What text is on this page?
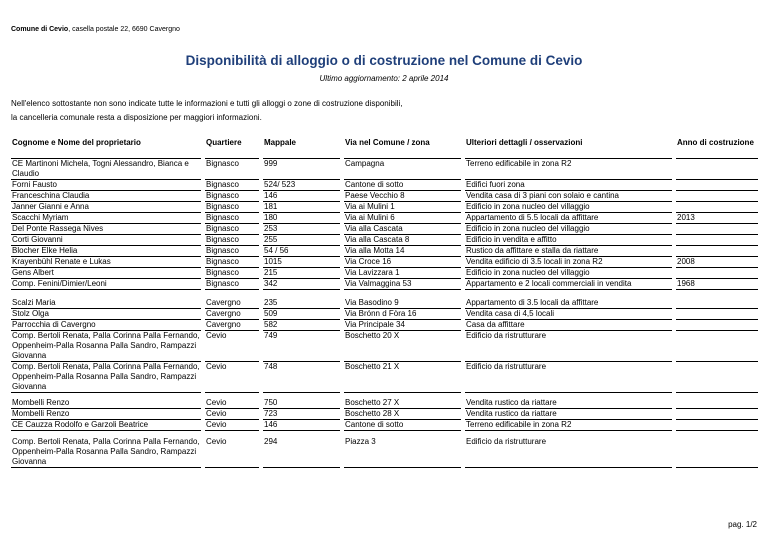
Comune di Cevio, casella postale 22, 6690 Cavergno
Disponibilità di alloggio o di costruzione nel Comune di Cevio
Ultimo aggiornamento: 2 aprile 2014
Nell'elenco sottostante non sono indicate tutte le informazioni e tutti gli alloggi o zone di costruzione disponibili,
la cancelleria comunale resta a disposizione per maggiori informazioni.
Cognome e Nome del proprietario		Quartiere		Mappale		Via nel Comune / zona		Ulteriori dettagli / osservazioni		Anno di costruzione

CE Martinoni Michela, Togni Alessandro, Bianca e Claudio		Bignasco		999		Campagna		Terreno edificabile in zona R2		

Forni Fausto		Bignasco		524/ 523		Cantone di sotto		Edifici fuori zona		

Franceschina Claudia		Bignasco		146		Paese Vecchio 8		Vendita casa di 3 piani con solaio e cantina		

Janner Gianni e Anna		Bignasco		181		Via ai Mulini 1		Edificio in zona nucleo del villaggio		

Scacchi Myriam		Bignasco		180		Via ai Mulini 6		Appartamento di 5.5 locali da affittare		2013

Del Ponte Rassega Nives		Bignasco		253		Via alla Cascata		Edificio in zona nucleo del villaggio		

Corti Giovanni		Bignasco		255		Via alla Cascata 8		Edificio in vendita e affitto		

Blocher Elke Helia		Bignasco		54 / 56		Via alla Motta 14		Rustico da affittare e stalla da riattare		

Krayenbühl Renate e Lukas		Bignasco		1015		Via Croce 16		Vendita edificio di 3.5 locali in zona R2		2008

Gens Albert		Bignasco		215		Via Lavizzara 1		Edificio in zona nucleo del villaggio		

Comp. Fenini/Dimier/Leoni		Bignasco		342		Via Valmaggina 53		Appartamento e 2 locali commerciali in vendita		1968

Scalzi Maria		Cavergno		235		Via Basodino 9		Appartamento di 3.5 locali da affittare		

Stolz Olga		Cavergno		509		Via Brónn d Fòra 16		Vendita casa di 4,5 locali		

Parrocchia di Cavergno		Cavergno		582		Via Principale 34		Casa da affittare		

Comp. Bertoli Renata, Palla Corinna Palla Fernando, Oppenheim-Palla Rosanna Palla Sandro, Rampazzi Giovanna		Cevio		749		Boschetto 20 X		Edificio da ristrutturare		

Comp. Bertoli Renata, Palla Corinna Palla Fernando, Oppenheim-Palla Rosanna Palla Sandro, Rampazzi Giovanna		Cevio		748		Boschetto 21 X		Edificio da ristrutturare		

Mombelli Renzo		Cevio		750		Boschetto 27 X		Vendita rustico da riattare		

Mombelli Renzo		Cevio		723		Boschetto 28 X		Vendita rustico da riattare		

CE Cauzza Rodolfo e Garzoli Beatrice		Cevio		146		Cantone di sotto		Terreno edificabile in zona R2		

Comp. Bertoli Renata, Palla Corinna Palla Fernando, Oppenheim-Palla Rosanna Palla Sandro, Rampazzi Giovanna		Cevio		294		Piazza 3		Edificio da ristrutturare		

pag. 1/2
